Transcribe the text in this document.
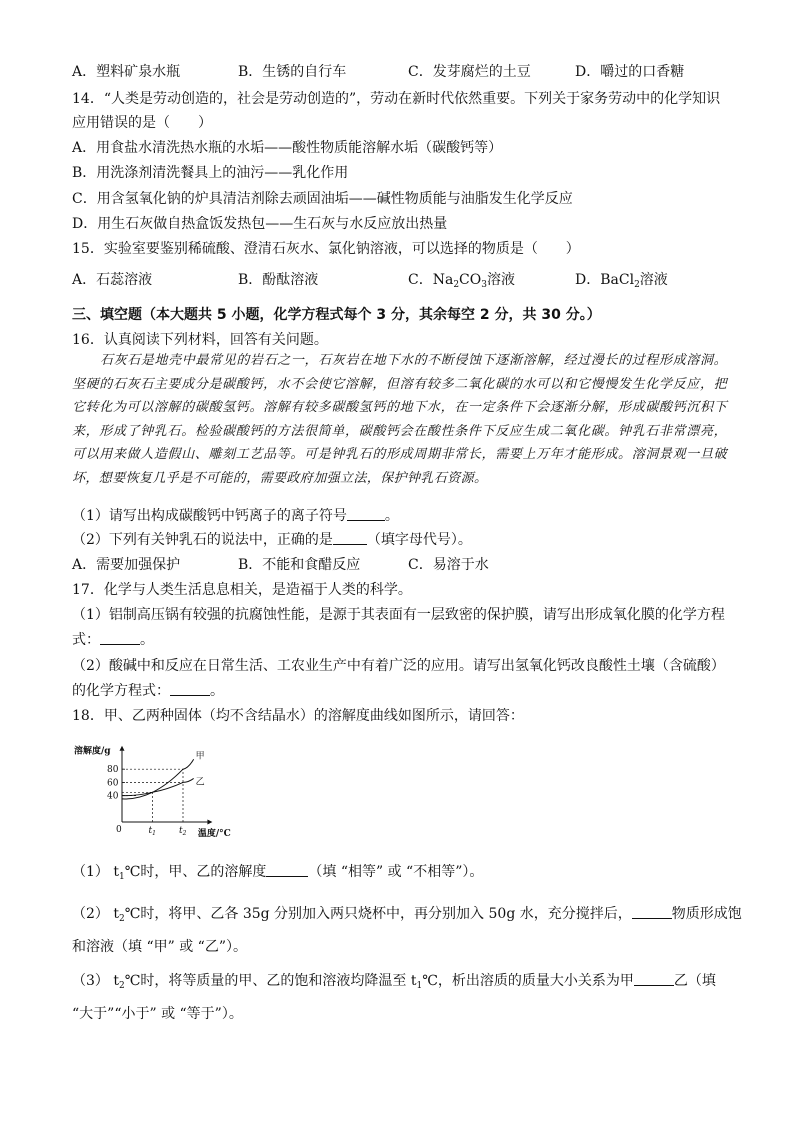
A．塑料矿泉水瓶	B．生锈的自行车	C．发芽腐烂的土豆	D．嚼过的口香糖
14．“人类是劳动创造的，社会是劳动创造的”，劳动在新时代依然重要。下列关于家务劳动中的化学知识
应用错误的是（　　）
A．用食盐水清洗热水瓶的水垢——酸性物质能溶解水垢（碳酸钙等）
B．用洗涤剂清洗餐具上的油污——乳化作用
C．用含氢氧化钠的炉具清洁剂除去顽固油垢——碱性物质能与油脂发生化学反应
D．用生石灰做自热盒饭发热包——生石灰与水反应放出热量
15．实验室要鉴别稀硫酸、澄清石灰水、氯化钠溶液，可以选择的物质是（　　）
A．石蕊溶液	B．酚酞溶液	C．$Na_2CO_3$溶液	D．BaCl$_2$溶液
三、填空题（本大题共 5 小题，化学方程式每个 3 分，其余每空 2 分，共 30 分。）
16．认真阅读下列材料，回答有关问题。

石灰石是地壳中最常见的岩石之一，石灰岩在地下水的不断侵蚀下逐渐溶解，经过漫长的过程形成溶洞。坚硬的石灰石主要成分是碳酸钙，水不会使它溶解，但溶有较多二氧化碳的水可以和它慢慢发生化学反应，把它转化为可以溶解的碳酸氢钙。溶解有较多碳酸氢钙的地下水，在一定条件下会逐渐分解，形成碳酸钙沉积下来，形成了钟乳石。检验碳酸钙的方法很简单，碳酸钙会在酸性条件下反应生成二氧化碳。钟乳石非常漂亮，可以用来做人造假山、雕刻工艺品等。可是钟乳石的形成周期非常长，需要上万年才能形成。溶洞景观一旦破坏，想要恢复几乎是不可能的，需要政府加强立法，保护钟乳石资源。

（1）请写出构成碳酸钙中钙离子的离子符号	。
（2）下列有关钟乳石的说法中，正确的是 （填字母代号）。
A．需要加强保护	B．不能和食醋反应	C．易溶于水
17．化学与人类生活息息相关，是造福于人类的科学。
（1）铝制高压锅有较强的抗腐蚀性能，是源于其表面有一层致密的保护膜，请写出形成氧化膜的化学方程
式：	。
（2）酸碱中和反应在日常生活、工农业生产中有着广泛的应用。请写出氢氧化钙改良酸性土壤（含硫酸）
的化学方程式：	。
18．甲、乙两种固体（均不含结晶水）的溶解度曲线如图所示，请回答：
溶解度/g
温度/°C
0
40
60
80
$t_1$	$t_2$
甲
乙
（1） $t_1℃$时，甲、乙的溶解度	（填 “相等” 或 “不相等”）。
（2） $t_2℃$时，将甲、乙各 35g 分别加入两只烧杯中，再分别加入 50g 水，充分搅拌后，	物质形成饱
和溶液（填 “甲” 或 “乙”）。
（3） $t_2℃$时，将等质量的甲、乙的饱和溶液均降温至 $t_1℃$，析出溶质的质量大小关系为甲	乙（填
“大于”“小于” 或 “等于”）。
